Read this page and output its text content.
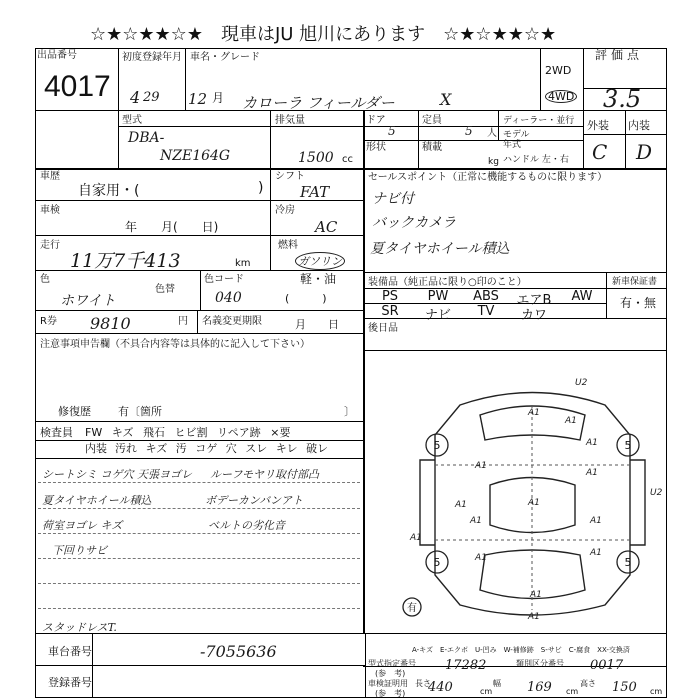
☆★☆★★☆★　現車はJU 旭川にあります　☆★☆★★☆★
出品番号
4017
初度登録年月
4 29 12 月
車名・グレード
カローラ フィールダー	X
2WD
4WD
評価点
3.5
型式
DBA-
NZE164G
排気量
1500 cc
ドア
5
定員
5 人
ディーラー・並行
モデル
年式
形状	積載
kg ハンドル 左・右
外装 内装
C D
車歴
自家用・(	)
シフト
FAT
車検
年　　月(　　日)
冷房
AC
走行
11万7千413	km
燃料
ガソリン
軽・油
(　　　)
色
ホワイト
色替
色コード
040
R券 9810	円 名義変更期限	月　　日
注意事項申告欄（不具合内容等は具体的に記入して下さい）
修復歴 有〔箇所	〕
検査員 FW キズ 飛石 ヒビ割 リペア跡 ×要
内装 汚れ キズ 汚 コゲ 穴 スレ キレ 破レ
シートシミ コゲ穴 天張ヨゴレ ルーフモヤリ取付部凸
夏タイヤホイール積込	ボデーカンバンアト
荷室ヨゴレ キズ	ベルトの劣化音
下回りサビ
スタッドレスT.
セールスポイント（正常に機能するものに限ります）
ナビ付
バックカメラ
夏タイヤホイール積込
装備品（純正品に限り○印のこと）	新車保証書
有・無
PS	PW	ABS	エアB	AW
SR	ナビ	TV	カワ
後日品
5	5
5	5
有
A1
A1
A1
A1
A1
A1	A1
A1	A1
A1
A1	A1
U2
U2
A1
A1
A-キズ　E-エクボ　U-凹み　W-補修跡　S-サビ　C-腐食　XX-交換済
車台番号	-7055636
登録番号
型式指定番号
(参　考)
17282	類別区分番号 0017
車検証明用
(参　考)
長さ
440	cm
幅 169 cm
高さ 150 cm
